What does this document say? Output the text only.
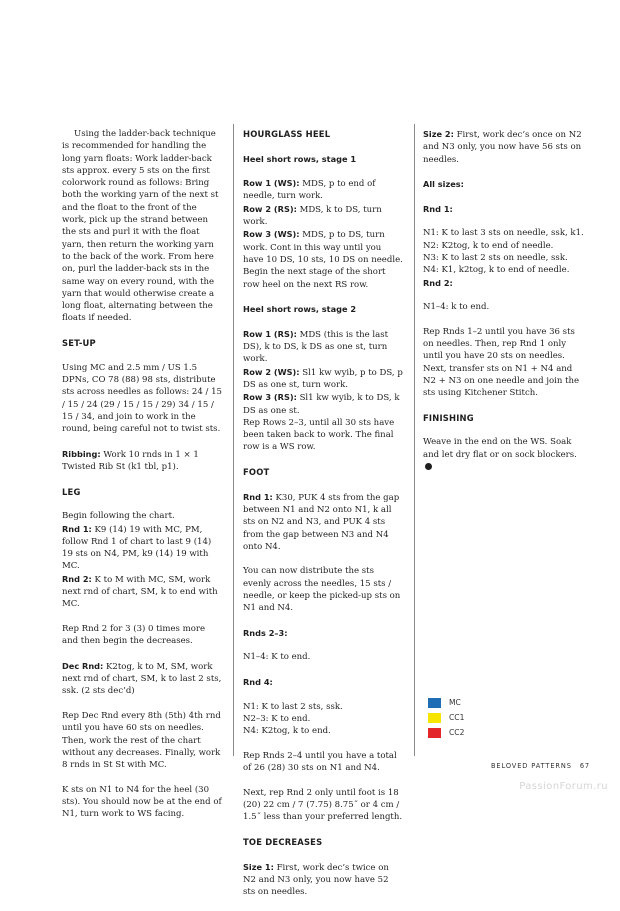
Using the ladder-back technique is recommended for handling the long yarn floats: Work ladder-back sts approx. every 5 sts on the first colorwork round as follows: Bring both the working yarn of the next st and the float to the front of the work, pick up the strand between the sts and purl it with the float yarn, then return the working yarn to the back of the work. From here on, purl the ladder-back sts in the same way on every round, with the yarn that would otherwise create a long float, alternating between the floats if needed.

SET-UP

Using MC and 2.5 mm / US 1.5 DPNs, CO 78 (88) 98 sts, distribute sts across needles as follows: 24 / 15 / 15 / 24 (29 / 15 / 15 / 29) 34 / 15 / 15 / 34, and join to work in the round, being careful not to twist sts.

Ribbing: Work 10 rnds in 1 × 1 Twisted Rib St (k1 tbl, p1).

LEG

Begin following the chart.

Rnd 1: K9 (14) 19 with MC, PM, follow Rnd 1 of chart to last 9 (14) 19 sts on N4, PM, k9 (14) 19 with MC.

Rnd 2: K to M with MC, SM, work next rnd of chart, SM, k to end with MC.

Rep Rnd 2 for 3 (3) 0 times more and then begin the decreases.

Dec Rnd: K2tog, k to M, SM, work next rnd of chart, SM, k to last 2 sts, ssk. (2 sts dec’d)

Rep Dec Rnd every 8th (5th) 4th rnd until you have 60 sts on needles. Then, work the rest of the chart without any decreases. Finally, work 8 rnds in St St with MC.

K sts on N1 to N4 for the heel (30 sts). You should now be at the end of N1, turn work to WS facing.

HOURGLASS HEEL

Heel short rows, stage 1

Row 1 (WS): MDS, p to end of needle, turn work.

Row 2 (RS): MDS, k to DS, turn work.

Row 3 (WS): MDS, p to DS, turn work. Cont in this way until you have 10 DS, 10 sts, 10 DS on needle. Begin the next stage of the short row heel on the next RS row.

Heel short rows, stage 2

Row 1 (RS): MDS (this is the last DS), k to DS, k DS as one st, turn work.

Row 2 (WS): Sl1 kw wyib, p to DS, p DS as one st, turn work.

Row 3 (RS): Sl1 kw wyib, k to DS, k DS as one st.

Rep Rows 2–3, until all 30 sts have been taken back to work. The final row is a WS row.

FOOT

Rnd 1: K30, PUK 4 sts from the gap between N1 and N2 onto N1, k all sts on N2 and N3, and PUK 4 sts from the gap between N3 and N4 onto N4.

You can now distribute the sts evenly across the needles, 15 sts / needle, or keep the picked-up sts on N1 and N4.

Rnds 2–3:

N1–4: K to end.

Rnd 4:

N1: K to last 2 sts, ssk.

N2–3: K to end.

N4: K2tog, k to end.

Rep Rnds 2–4 until you have a total of 26 (28) 30 sts on N1 and N4.

Next, rep Rnd 2 only until foot is 18 (20) 22 cm / 7 (7.75) 8.75˝ or 4 cm / 1.5˝ less than your preferred length.

TOE DECREASES

Size 1: First, work dec’s twice on N2 and N3 only, you now have 52 sts on needles.

Size 2: First, work dec’s once on N2 and N3 only, you now have 56 sts on needles.

All sizes:

Rnd 1:

N1: K to last 3 sts on needle, ssk, k1.

N2: K2tog, k to end of needle.

N3: K to last 2 sts on needle, ssk.

N4: K1, k2tog, k to end of needle.

Rnd 2:

N1–4: k to end.

Rep Rnds 1–2 until you have 36 sts on needles. Then, rep Rnd 1 only until you have 20 sts on needles. Next, transfer sts on N1 + N4 and N2 + N3 on one needle and join the sts using Kitchener Stitch.

FINISHING

Weave in the end on the WS. Soak and let dry flat or on sock blockers.

MC
CC1
CC2
BELOVED PATTERNS 67
PassionForum.ru
